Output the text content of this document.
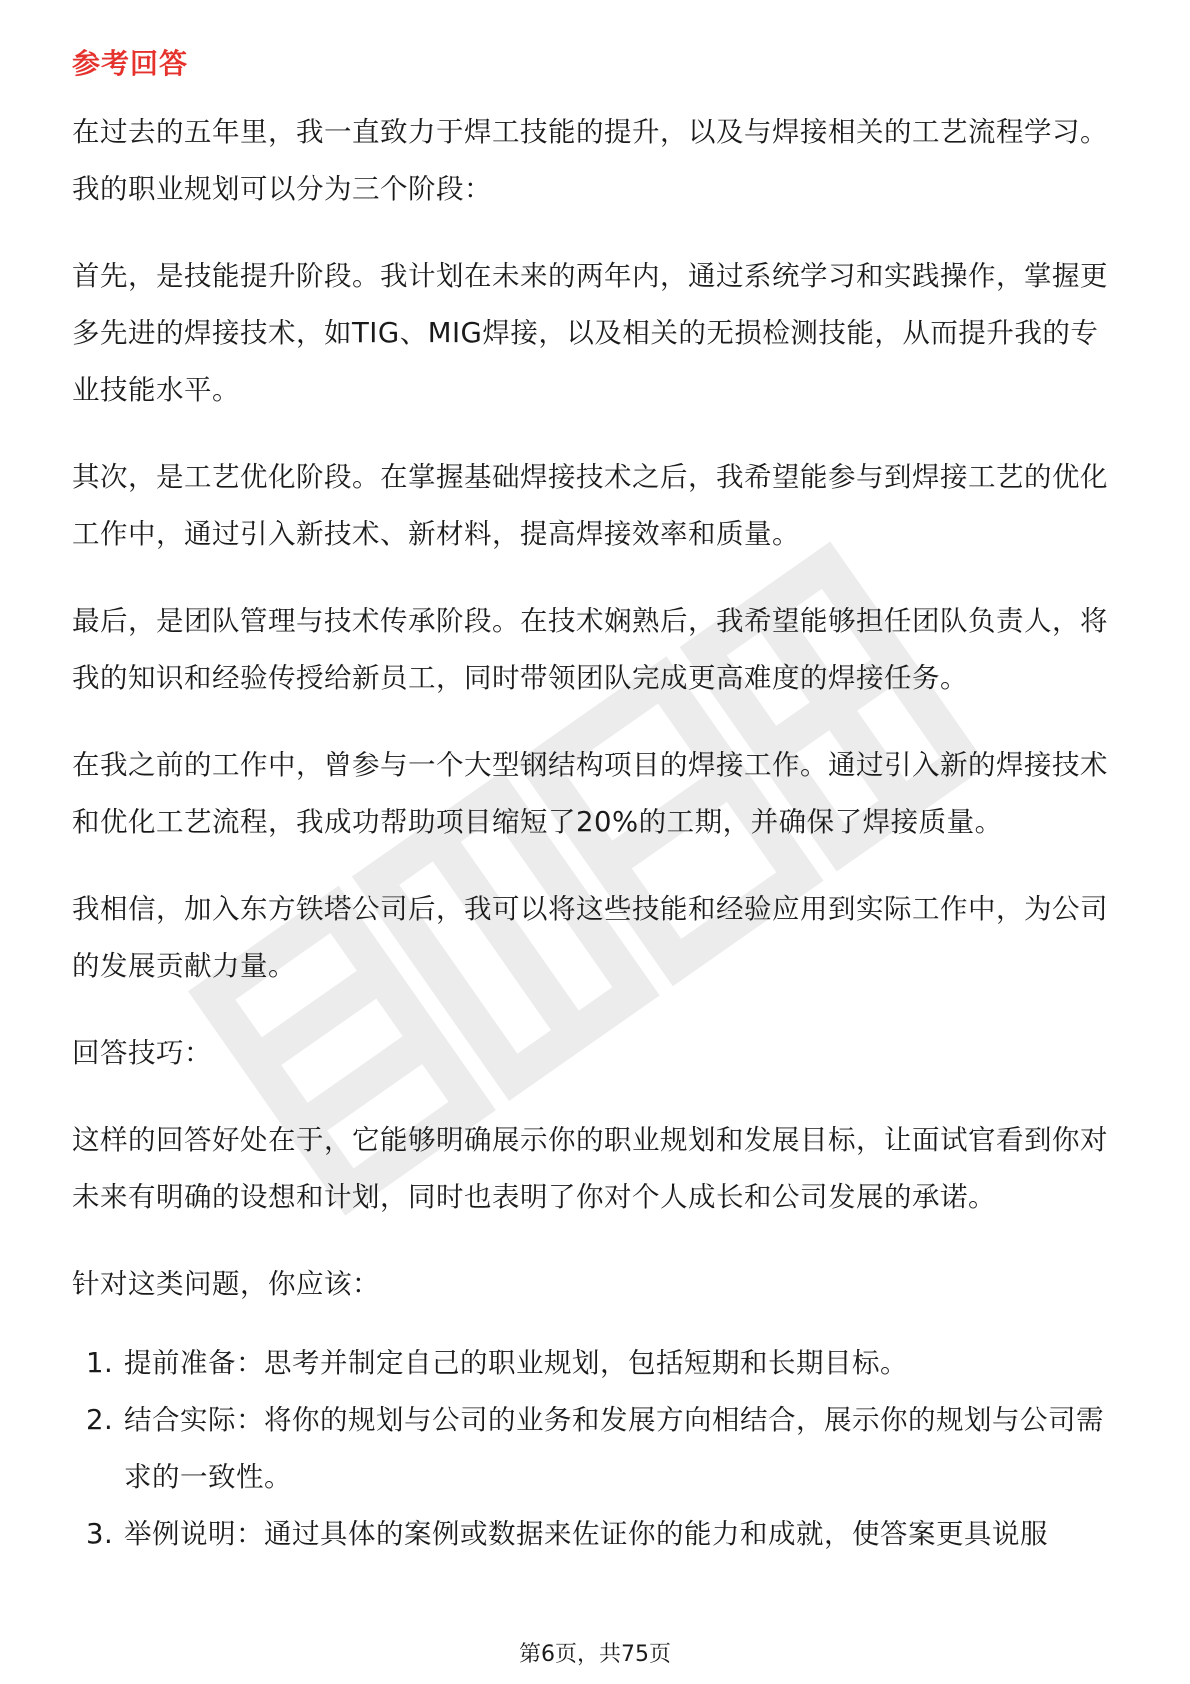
参考回答

在过去的五年里，我一直致力于焊工技能的提升，以及与焊接相关的工艺流程学习。我的职业规划可以分为三个阶段：

首先，是技能提升阶段。我计划在未来的两年内，通过系统学习和实践操作，掌握更多先进的焊接技术，如TIG、MIG焊接，以及相关的无损检测技能，从而提升我的专业技能水平。

其次，是工艺优化阶段。在掌握基础焊接技术之后，我希望能参与到焊接工艺的优化工作中，通过引入新技术、新材料，提高焊接效率和质量。

最后，是团队管理与技术传承阶段。在技术娴熟后，我希望能够担任团队负责人，将我的知识和经验传授给新员工，同时带领团队完成更高难度的焊接任务。

在我之前的工作中，曾参与一个大型钢结构项目的焊接工作。通过引入新的焊接技术和优化工艺流程，我成功帮助项目缩短了20%的工期，并确保了焊接质量。

我相信，加入东方铁塔公司后，我可以将这些技能和经验应用到实际工作中，为公司的发展贡献力量。

回答技巧：

这样的回答好处在于，它能够明确展示你的职业规划和发展目标，让面试官看到你对未来有明确的设想和计划，同时也表明了你对个人成长和公司发展的承诺。

针对这类问题，你应该：

1. 提前准备：思考并制定自己的职业规划，包括短期和长期目标。
2. 结合实际：将你的规划与公司的业务和发展方向相结合，展示你的规划与公司需求的一致性。
3. 举例说明：通过具体的案例或数据来佐证你的能力和成就，使答案更具说服
第6页，共75页
